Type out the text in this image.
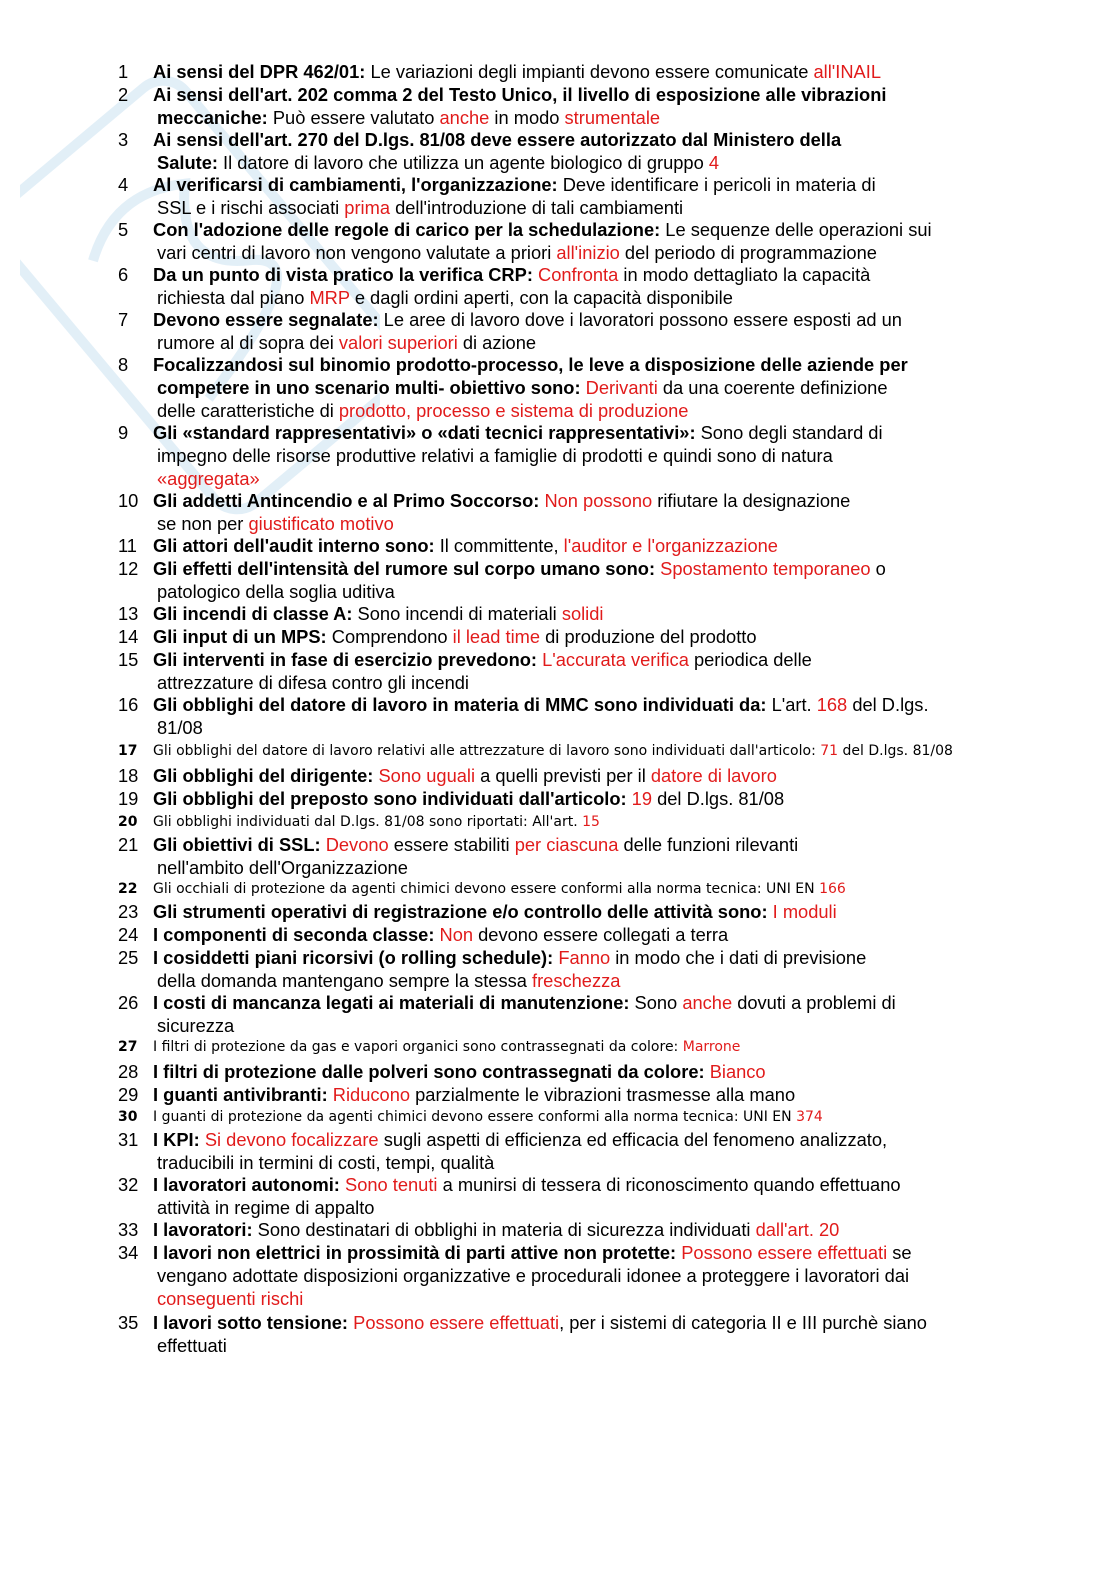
1	Ai sensi del DPR 462/01: Le variazioni degli impianti devono essere comunicate all'INAIL
2	Ai sensi dell'art. 202 comma 2 del Testo Unico, il livello di esposizione alle vibrazioni
meccaniche: Può essere valutato anche in modo strumentale
3	Ai sensi dell'art. 270 del D.lgs. 81/08 deve essere autorizzato dal Ministero della
Salute: Il datore di lavoro che utilizza un agente biologico di gruppo 4
4	Al verificarsi di cambiamenti, l'organizzazione: Deve identificare i pericoli in materia di
SSL e i rischi associati prima dell'introduzione di tali cambiamenti
5	Con l'adozione delle regole di carico per la schedulazione: Le sequenze delle operazioni sui
vari centri di lavoro non vengono valutate a priori all'inizio del periodo di programmazione
6	Da un punto di vista pratico la verifica CRP: Confronta in modo dettagliato la capacità
richiesta dal piano MRP e dagli ordini aperti, con la capacità disponibile
7	Devono essere segnalate: Le aree di lavoro dove i lavoratori possono essere esposti ad un
rumore al di sopra dei valori superiori di azione
8	Focalizzandosi sul binomio prodotto-processo, le leve a disposizione delle aziende per
competere in uno scenario multi- obiettivo sono: Derivanti da una coerente definizione
delle caratteristiche di prodotto, processo e sistema di produzione
9	Gli «standard rappresentativi» o «dati tecnici rappresentativi»: Sono degli standard di
impegno delle risorse produttive relativi a famiglie di prodotti e quindi sono di natura
«aggregata»
10 Gli addetti Antincendio e al Primo Soccorso: Non possono rifiutare la designazione
se non per giustificato motivo
11 Gli attori dell'audit interno sono: Il committente, l'auditor e l'organizzazione
12 Gli effetti dell'intensità del rumore sul corpo umano sono: Spostamento temporaneo o
patologico della soglia uditiva
13 Gli incendi di classe A: Sono incendi di materiali solidi
14 Gli input di un MPS: Comprendono il lead time di produzione del prodotto
15 Gli interventi in fase di esercizio prevedono: L'accurata verifica periodica delle
attrezzature di difesa contro gli incendi
16 Gli obblighi del datore di lavoro in materia di MMC sono individuati da: L'art. 168 del D.lgs.
81/08
17	Gli obblighi del datore di lavoro relativi alle attrezzature di lavoro sono individuati dall'articolo: 71 del D.lgs. 81/08
18 Gli obblighi del dirigente: Sono uguali a quelli previsti per il datore di lavoro
19 Gli obblighi del preposto sono individuati dall'articolo: 19 del D.lgs. 81/08
20	Gli obblighi individuati dal D.lgs. 81/08 sono riportati: All'art. 15
21 Gli obiettivi di SSL: Devono essere stabiliti per ciascuna delle funzioni rilevanti
nell'ambito dell'Organizzazione
22	Gli occhiali di protezione da agenti chimici devono essere conformi alla norma tecnica: UNI EN 166
23 Gli strumenti operativi di registrazione e/o controllo delle attività sono: I moduli
24 I componenti di seconda classe: Non devono essere collegati a terra
25 I cosiddetti piani ricorsivi (o rolling schedule): Fanno in modo che i dati di previsione
della domanda mantengano sempre la stessa freschezza
26 I costi di mancanza legati ai materiali di manutenzione: Sono anche dovuti a problemi di
sicurezza
27	I filtri di protezione da gas e vapori organici sono contrassegnati da colore: Marrone
28 I filtri di protezione dalle polveri sono contrassegnati da colore: Bianco
29 I guanti antivibranti: Riducono parzialmente le vibrazioni trasmesse alla mano
30	I guanti di protezione da agenti chimici devono essere conformi alla norma tecnica: UNI EN 374
31 I KPI: Si devono focalizzare sugli aspetti di efficienza ed efficacia del fenomeno analizzato,
traducibili in termini di costi, tempi, qualità
32 I lavoratori autonomi: Sono tenuti a munirsi di tessera di riconoscimento quando effettuano
attività in regime di appalto
33 I lavoratori: Sono destinatari di obblighi in materia di sicurezza individuati dall'art. 20
34 I lavori non elettrici in prossimità di parti attive non protette: Possono essere effettuati se
vengano adottate disposizioni organizzative e procedurali idonee a proteggere i lavoratori dai
conseguenti rischi
35 I lavori sotto tensione: Possono essere effettuati, per i sistemi di categoria II e III purchè siano
effettuati
